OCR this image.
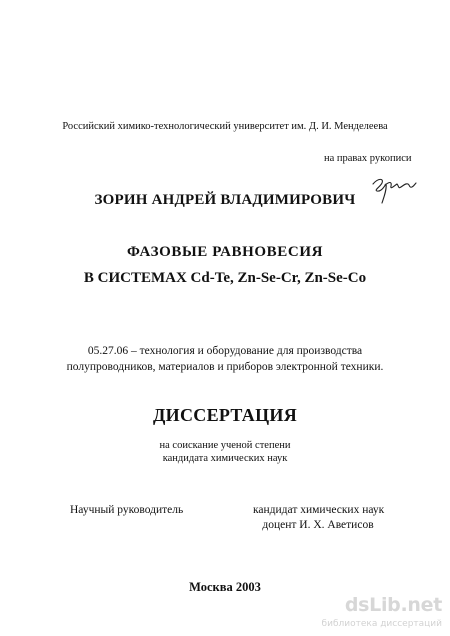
Российский химико-технологический университет им. Д. И. Менделеева
на правах рукописи
ЗОРИН АНДРЕЙ ВЛАДИМИРОВИЧ
ФАЗОВЫЕ РАВНОВЕСИЯ
В СИСТЕМАХ Cd-Te, Zn-Se-Cr, Zn-Se-Co
05.27.06 – технология и оборудование для производства
полупроводников, материалов и приборов электронной техники.
ДИССЕРТАЦИЯ
на соискание ученой степени
кандидата химических наук
Научный руководитель	кандидат химических наук
доцент И. Х. Аветисов
Москва 2003
dsLib.net
библиотека диссертаций
